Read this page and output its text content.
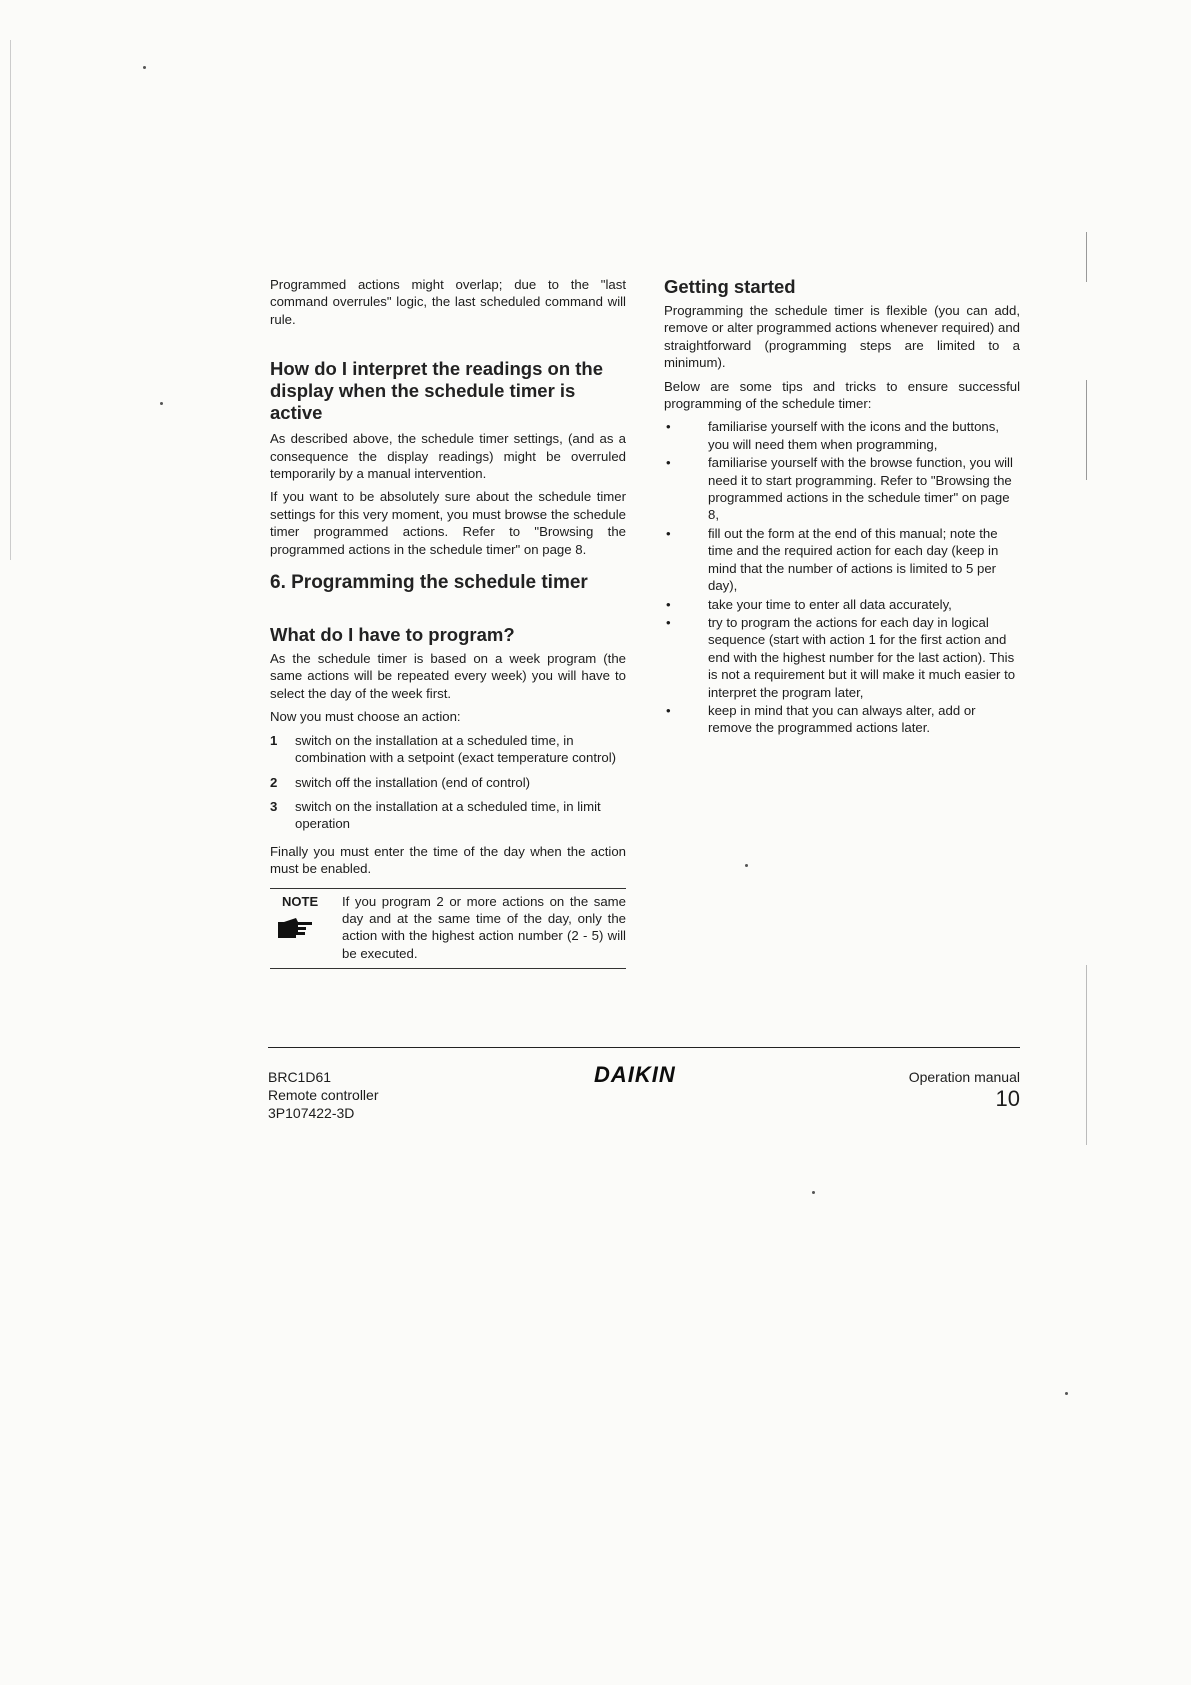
Programmed actions might overlap; due to the "last command overrules" logic, the last scheduled command will rule.

How do I interpret the readings on the display when the schedule timer is active

As described above, the schedule timer settings, (and as a consequence the display readings) might be overruled temporarily by a manual intervention.

If you want to be absolutely sure about the schedule timer settings for this very moment, you must browse the schedule timer programmed actions. Refer to "Browsing the programmed actions in the schedule timer" on page 8.

6. Programming the schedule timer
What do I have to program?

As the schedule timer is based on a week program (the same actions will be repeated every week) you will have to select the day of the week first.

Now you must choose an action:

1	switch on the installation at a scheduled time, in combination with a setpoint (exact temperature control)
2	switch off the installation (end of control)
3	switch on the installation at a scheduled time, in limit operation

Finally you must enter the time of the day when the action must be enabled.

NOTE	If you program 2 or more actions on the same day and at the same time of the day, only the action with the highest action number (2 - 5) will be executed.
Getting started

Programming the schedule timer is flexible (you can add, remove or alter programmed actions whenever required) and straightforward (programming steps are limited to a minimum).

Below are some tips and tricks to ensure successful programming of the schedule timer:

•	familiarise yourself with the icons and the buttons, you will need them when programming,
•	familiarise yourself with the browse function, you will need it to start programming. Refer to "Browsing the programmed actions in the schedule timer" on page 8,
•	fill out the form at the end of this manual; note the time and the required action for each day (keep in mind that the number of actions is limited to 5 per day),
•	take your time to enter all data accurately,
•	try to program the actions for each day in logical sequence (start with action 1 for the first action and end with the highest number for the last action). This is not a requirement but it will make it much easier to interpret the program later,
•	keep in mind that you can always alter, add or remove the programmed actions later.
BRC1D61
Remote controller
3P107422-3D
DAIKIN	Operation manual
10
